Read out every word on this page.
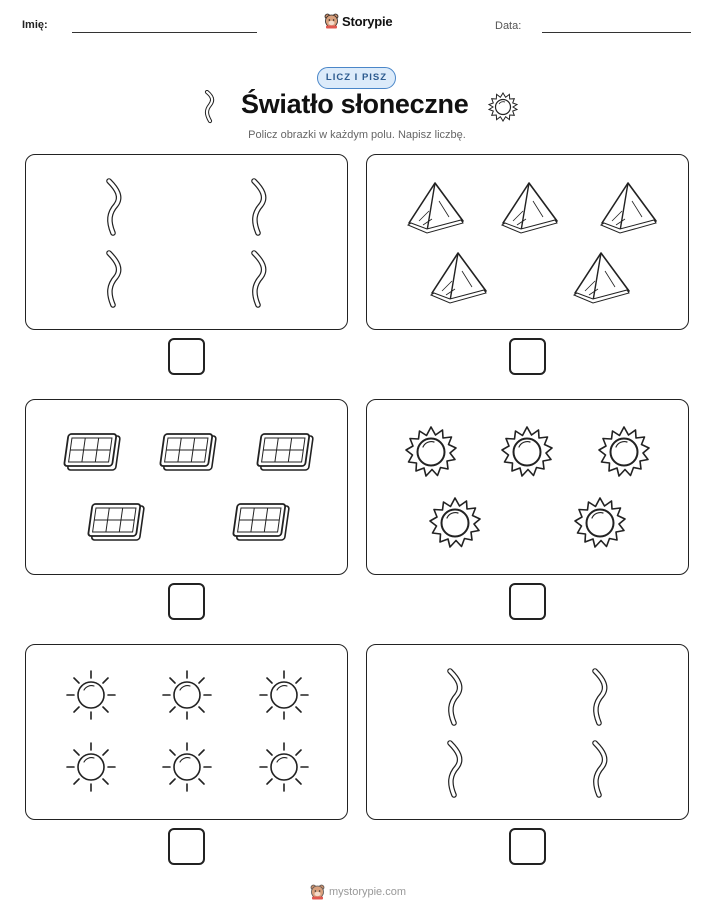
Imię:	Storypie	Data:
LICZ I PISZ
Światło słoneczne
Policz obrazki w każdym polu. Napisz liczbę.
mystorypie.com
